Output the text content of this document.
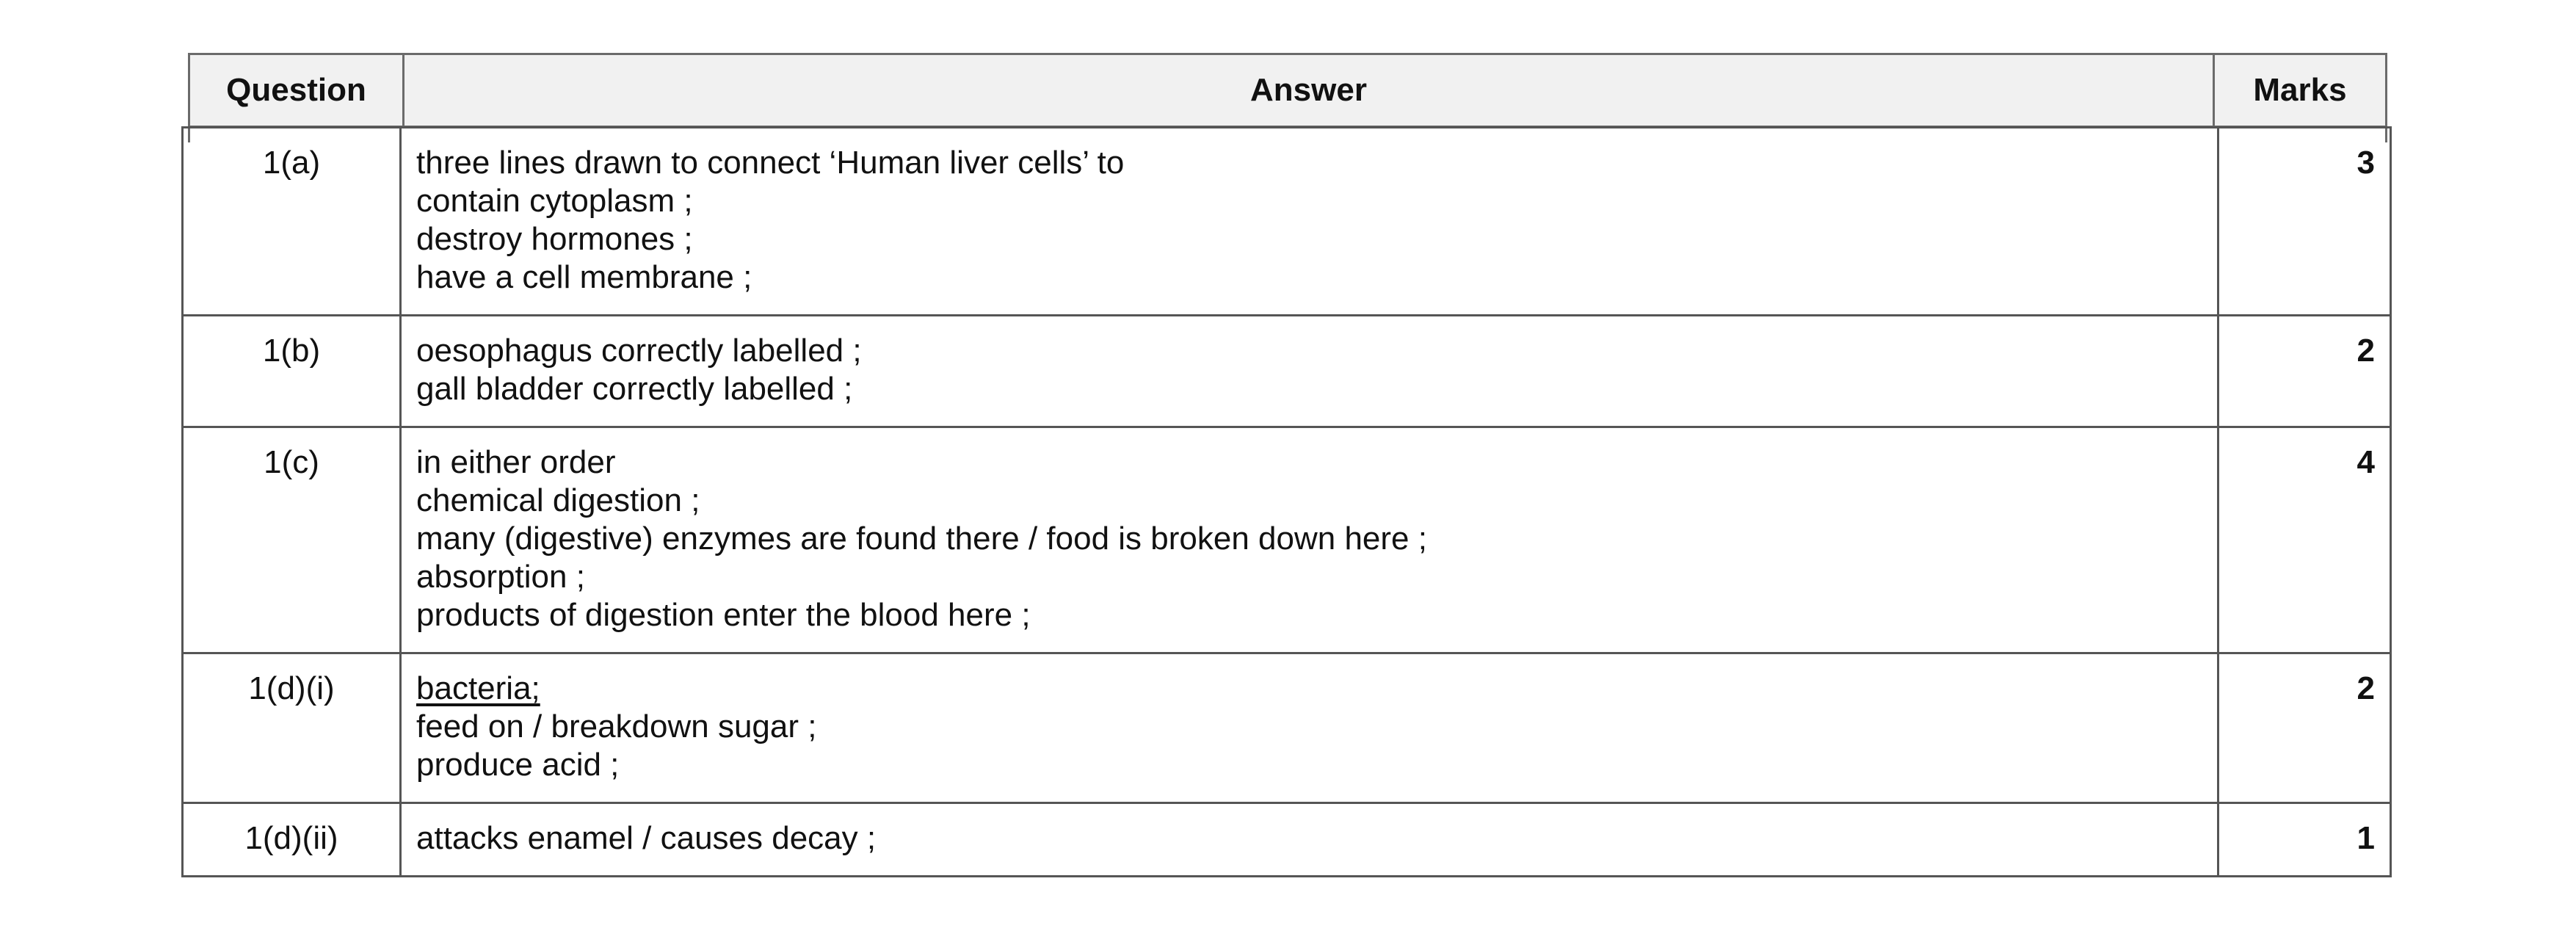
Question	Answer	Marks
1(a)	three lines drawn to connect ‘Human liver cells’ to
contain cytoplasm ;
destroy hormones ;
have a cell membrane ;	3
1(b)	oesophagus correctly labelled ;
gall bladder correctly labelled ;	2
1(c)	in either order
chemical digestion ;
many (digestive) enzymes are found there / food is broken down here ;
absorption ;
products of digestion enter the blood here ;	4
1(d)(i)	bacteria;
feed on / breakdown sugar ;
produce acid ;	2
1(d)(ii)	attacks enamel / causes decay ;	1
